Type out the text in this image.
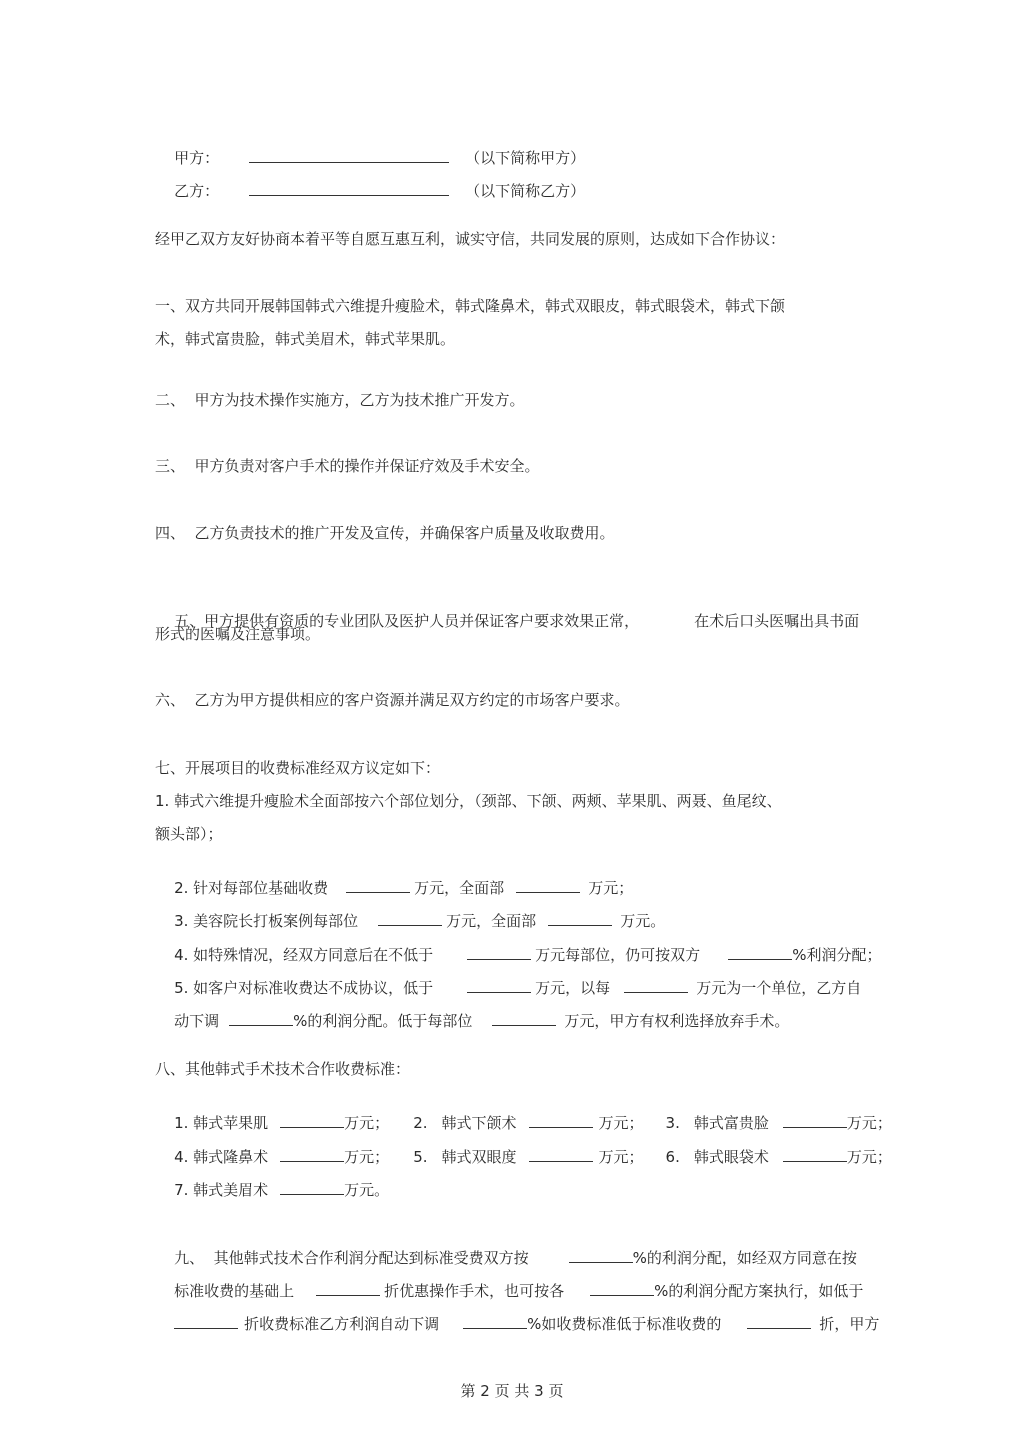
甲方：	（以下简称甲方）

乙方：	（以下简称乙方）

经甲乙双方友好协商本着平等自愿互惠互利，诚实守信，共同发展的原则，达成如下合作协议：
一、双方共同开展韩国韩式六维提升瘦脸术，韩式隆鼻术，韩式双眼皮，韩式眼袋术，韩式下颌
术，韩式富贵脸，韩式美眉术，韩式苹果肌。
二、  甲方为技术操作实施方，乙方为技术推广开发方。
三、  甲方负责对客户手术的操作并保证疗效及手术安全。
四、  乙方负责技术的推广开发及宣传，并确保客户质量及收取费用。

五、甲方提供有资质的专业团队及医护人员并保证客户要求效果正常，	在术后口头医嘱出具书面

形式的医嘱及注意事项。
六、  乙方为甲方提供相应的客户资源并满足双方约定的市场客户要求。
七、开展项目的收费标准经双方议定如下：
1. 韩式六维提升瘦脸术全面部按六个部位划分，（颈部、下颌、两颊、苹果肌、两聂、鱼尾纹、
额头部）；

2. 针对每部位基础收费	万元，全面部	万元；

3. 美容院长打板案例每部位	万元，全面部	万元。

4. 如特殊情况，经双方同意后在不低于	万元每部位，仍可按双方	%利润分配；

5. 如客户对标准收费达不成协议，低于	万元，以每	万元为一个单位，乙方自

动下调	%的利润分配。低于每部位	万元，甲方有权利选择放弃手术。

八、其他韩式手术技术合作收费标准：

1. 韩式苹果肌	万元； 2. 韩式下颌术	万元； 3. 韩式富贵脸	万元；

4. 韩式隆鼻术	万元； 5. 韩式双眼度	万元； 6. 韩式眼袋术	万元；

7. 韩式美眉术	万元。

九、  其他韩式技术合作利润分配达到标准受费双方按	%的利润分配，如经双方同意在按

标准收费的基础上	折优惠操作手术，也可按各	%的利润分配方案执行，如低于

折收费标准乙方利润自动下调	%如收费标准低于标准收费的	折，甲方

第 2 页 共 3 页
